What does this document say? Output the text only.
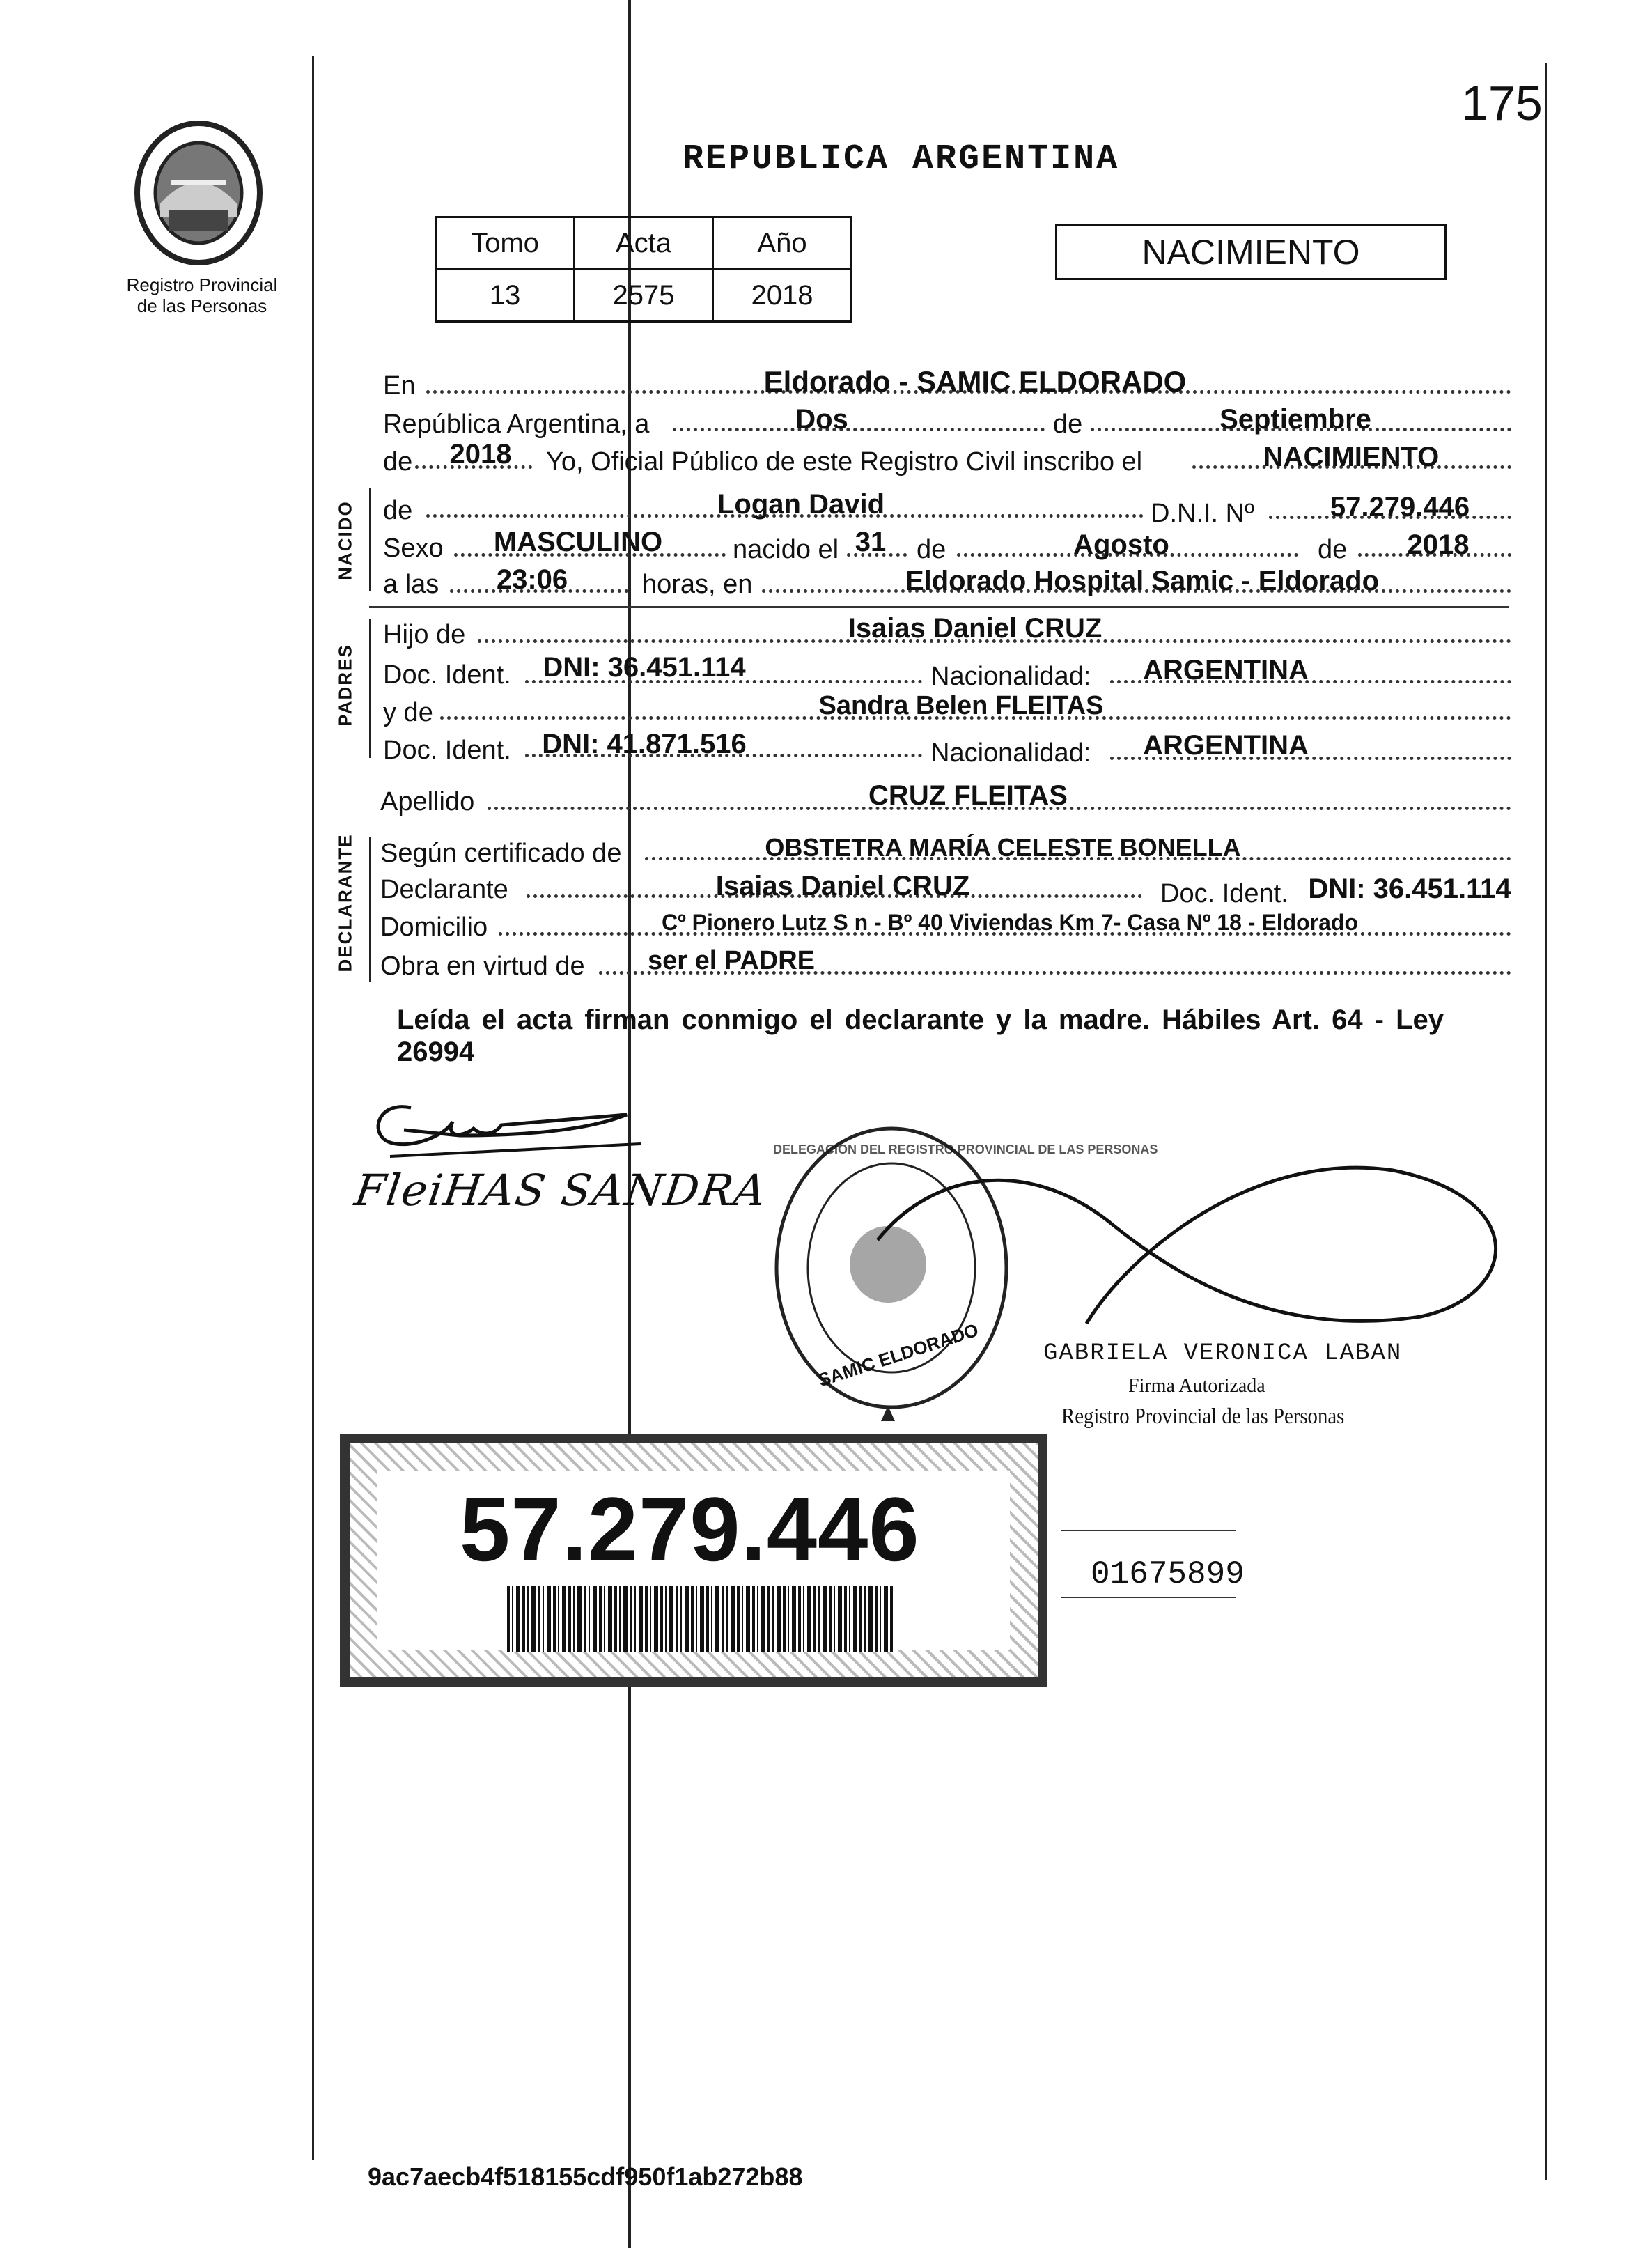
175
Registro Provincial
de las Personas
REPUBLICA ARGENTINA
Tomo	Acta	Año
13	2575	2018
NACIMIENTO
NACIDO
PADRES
DECLARANTE
En	Eldorado - SAMIC ELDORADO
República Argentina, a	Dos	de	Septiembre
de	2018	Yo, Oficial Público de este Registro Civil inscribo el	NACIMIENTO
de	Logan David	D.N.I. Nº	57.279.446
Sexo	MASCULINO	nacido el 31 de	Agosto	de 2018
a las 23:06	horas, en	Eldorado Hospital Samic - Eldorado
Hijo de	Isaias Daniel CRUZ
Doc. Ident.	DNI: 36.451.114	Nacionalidad:	ARGENTINA
y de	Sandra Belen FLEITAS
Doc. Ident.	DNI: 41.871.516	Nacionalidad:	ARGENTINA
Apellido	CRUZ FLEITAS
Según certificado de	OBSTETRA MARÍA CELESTE BONELLA
Declarante	Isaias Daniel CRUZ	Doc. Ident. DNI: 36.451.114
Domicilio	Cº Pionero Lutz S n - Bº 40 Viviendas Km 7- Casa Nº 18 - Eldorado
Obra en virtud de	ser el PADRE
Leída el acta firman conmigo el declarante y la madre. Hábiles Art. 64 - Ley
26994
FleiHAS SANDRA
DELEGACION DEL REGISTRO PROVINCIAL DE LAS PERSONAS
SAMIC ELDORADO	GABRIELA VERONICA LABAN
Firma Autorizada
Registro Provincial de las Personas
57.279.446	01675899
9ac7aecb4f518155cdf950f1ab272b88
